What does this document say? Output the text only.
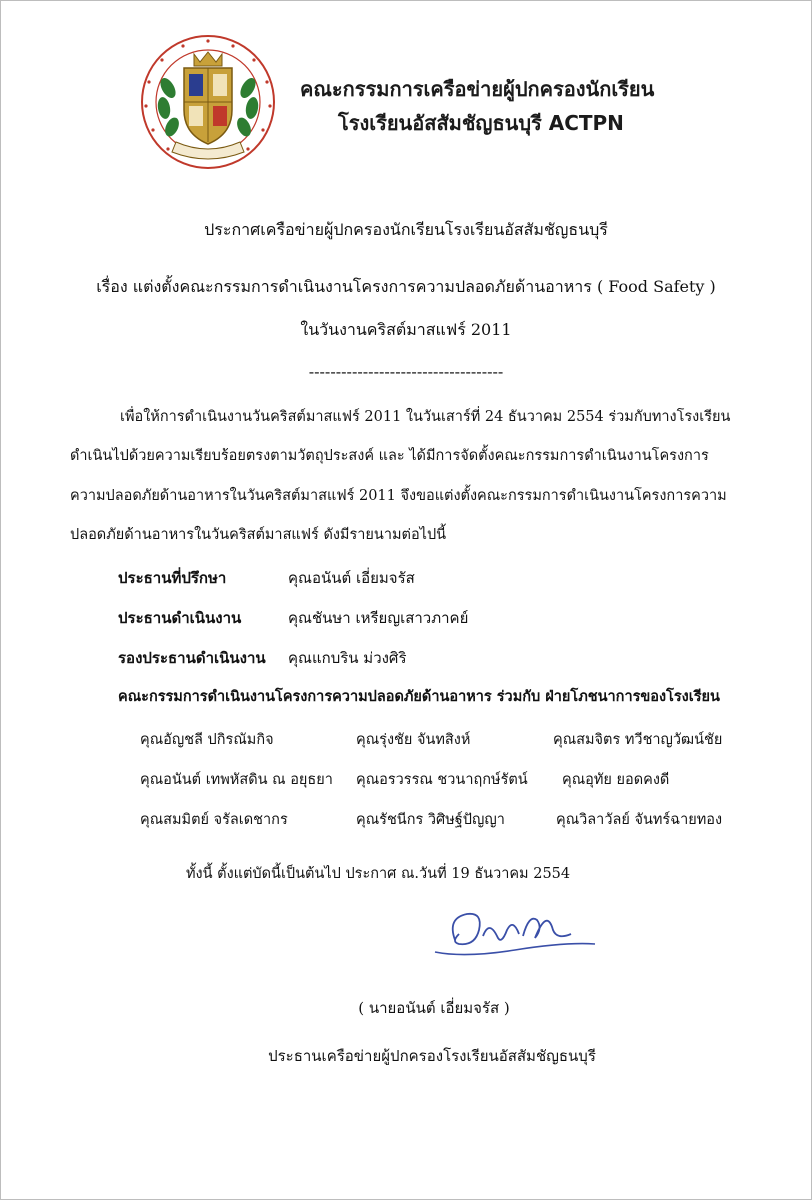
คณะกรรมการเครือข่ายผู้ปกครองนักเรียน
โรงเรียนอัสสัมชัญธนบุรี ACTPN
ประกาศเครือข่ายผู้ปกครองนักเรียนโรงเรียนอัสสัมชัญธนบุรี
เรื่อง แต่งตั้งคณะกรรมการดำเนินงานโครงการความปลอดภัยด้านอาหาร ( Food Safety )
ในวันงานคริสต์มาสแฟร์ 2011
------------------------------------
เพื่อให้การดำเนินงานวันคริสต์มาสแฟร์ 2011 ในวันเสาร์ที่ 24 ธันวาคม 2554 ร่วมกับทางโรงเรียน
ดำเนินไปด้วยความเรียบร้อยตรงตามวัตถุประสงค์ และ ได้มีการจัดตั้งคณะกรรมการดำเนินงานโครงการ
ความปลอดภัยด้านอาหารในวันคริสต์มาสแฟร์ 2011 จึงขอแต่งตั้งคณะกรรมการดำเนินงานโครงการความ
ปลอดภัยด้านอาหารในวันคริสต์มาสแฟร์ ดังมีรายนามต่อไปนี้
ประธานที่ปรึกษา	คุณอนันต์ เอี่ยมจรัส
ประธานดำเนินงาน	คุณชันษา เหรียญเสาวภาคย์
รองประธานดำเนินงาน คุณแกบริน ม่วงศิริ
คณะกรรมการดำเนินงานโครงการความปลอดภัยด้านอาหาร ร่วมกับ ฝ่ายโภชนาการของโรงเรียน
คุณอัญชลี ปกิรณัมกิจ	คุณรุ่งชัย จันทสิงห์	คุณสมจิตร ทวีชาญวัฒน์ชัย
คุณอนันต์ เทพหัสดิน ณ อยุธยา คุณอรวรรณ ชวนาฤกษ์รัตน์ คุณอุทัย ยอดคงดี
คุณสมมิตย์ จรัลเดชากร	คุณรัชนีกร วิศิษฐ์ปัญญา	คุณวิลาวัลย์ จันทร์ฉายทอง
ทั้งนี้ ตั้งแต่บัดนี้เป็นต้นไป ประกาศ ณ.วันที่ 19 ธันวาคม 2554
( นายอนันต์ เอี่ยมจรัส )
ประธานเครือข่ายผู้ปกครองโรงเรียนอัสสัมชัญธนบุรี
